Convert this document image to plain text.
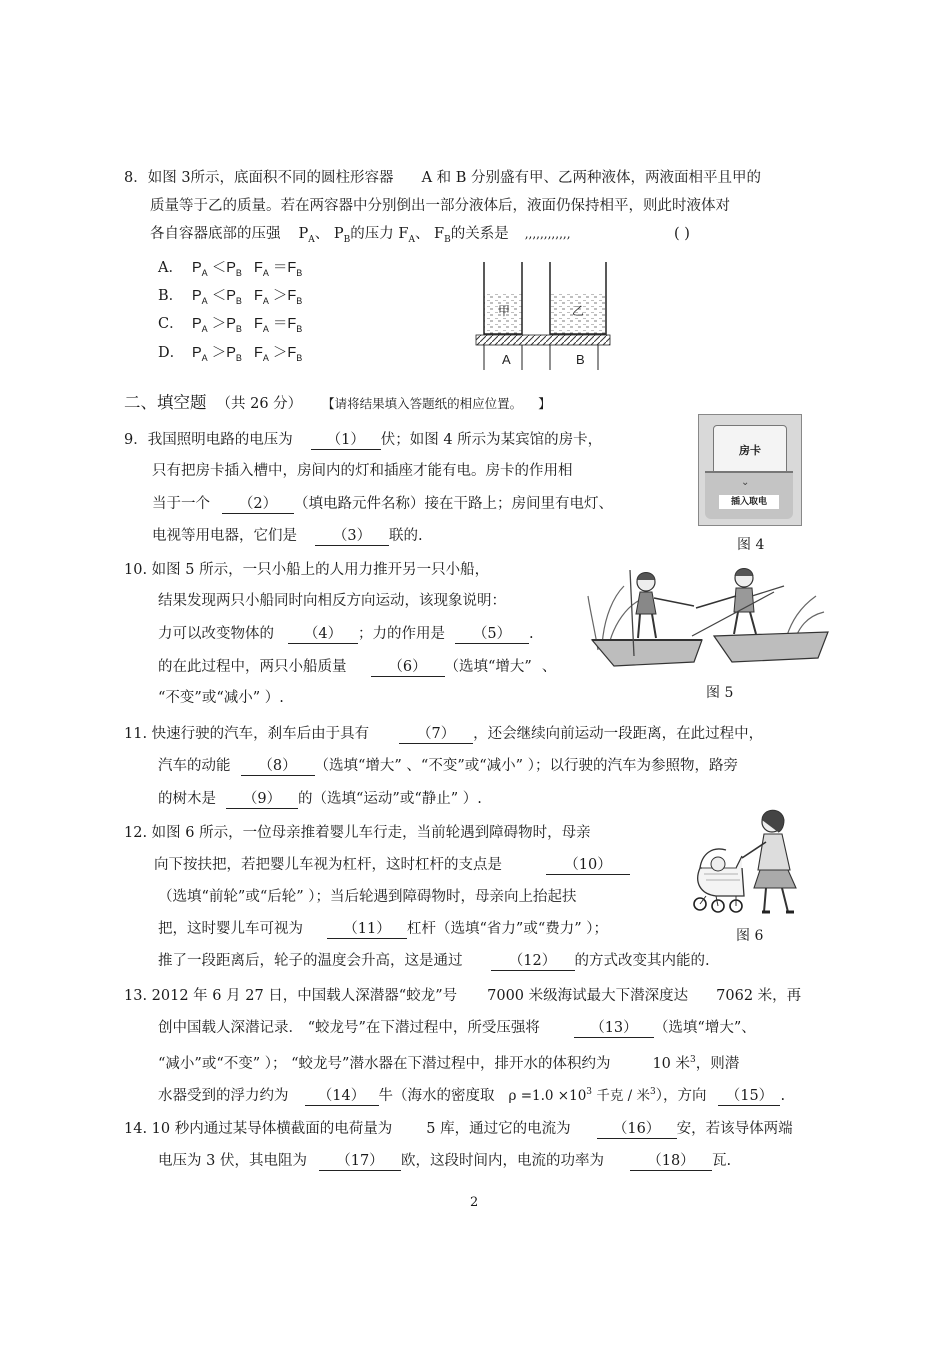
8．如图 3所示，底面积不同的圆柱形容器 A 和 B 分别盛有甲、乙两种液体，两液面相平且甲的
质量等于乙的质量。若在两容器中分别倒出一部分液体后，液面仍保持相平，则此时液体对
各自容器底部的压强 $P_A$、 $P_B$的压力 $F_A$、 $F_B$的关系是 ,,,,,,,,,,,,	( )
A． $P_A <P_B$   $F_A =F_B$
B． $P_A <P_B$   $F_A >F_B$
C． $P_A >P_B$   $F_A =F_B$
D． $P_A >P_B$   $F_A >F_B$
甲	乙
A	B
二、填空题 （共 26 分） 【请将结果填入答题纸的相应位置。 】
9．我国照明电路的电压为 （1） 伏；如图 4 所示为某宾馆的房卡，
只有把房卡插入槽中，房间内的灯和插座才能有电。房卡的作用相
当于一个 （2） （填电路元件名称）接在干路上；房间里有电灯、
电视等用电器，它们是 （3） 联的.
房卡
⌄
插入取电
图 4
10. 如图 5 所示，一只小船上的人用力推开另一只小船，
结果发现两只小船同时向相反方向运动，该现象说明：
力可以改变物体的 （4） ；力的作用是 （5） .
的在此过程中，两只小船质量	（6） （选填“增大” 、
“不变”或“减小” ）.	图 5
11. 快速行驶的汽车，刹车后由于具有	（7） ，还会继续向前运动一段距离，在此过程中，
汽车的动能 （8） （选填“增大” 、“不变”或“减小” ）；以行驶的汽车为参照物，路旁
的树木是 （9） 的（选填“运动”或“静止” ）.
12. 如图 6 所示，一位母亲推着婴儿车行走，当前轮遇到障碍物时，母亲
向下按扶把，若把婴儿车视为杠杆，这时杠杆的支点是	（10）
（选填“前轮”或“后轮” ）；当后轮遇到障碍物时，母亲向上抬起扶
把，这时婴儿车可视为	（11） 杠杆（选填“省力”或“费力” ）；
推了一段距离后，轮子的温度会升高，这是通过	（12） 的方式改变其内能的.
图 6
13. 2012 年 6 月 27 日，中国载人深潜器“蛟龙”号 7000 米级海试最大下潜深度达 7062 米，再
创中国载人深潜记录． “蛟龙号”在下潜过程中，所受压强将	（13） （选填“增大”、
“减小”或“不变” ）； “蛟龙号”潜水器在下潜过程中，排开水的体积约为	10 米$^3$，则潜
水器受到的浮力约为 （14） 牛（海水的密度取 $\rho =1.0 \times 10^3$ 千克 / 米$^3$），方向 （15） .
14. 10 秒内通过某导体横截面的电荷量为 5 库，通过它的电流为	（16） 安，若该导体两端
电压为 3 伏，其电阻为 （17） 欧，这段时间内，电流的功率为	（18） 瓦.
2
